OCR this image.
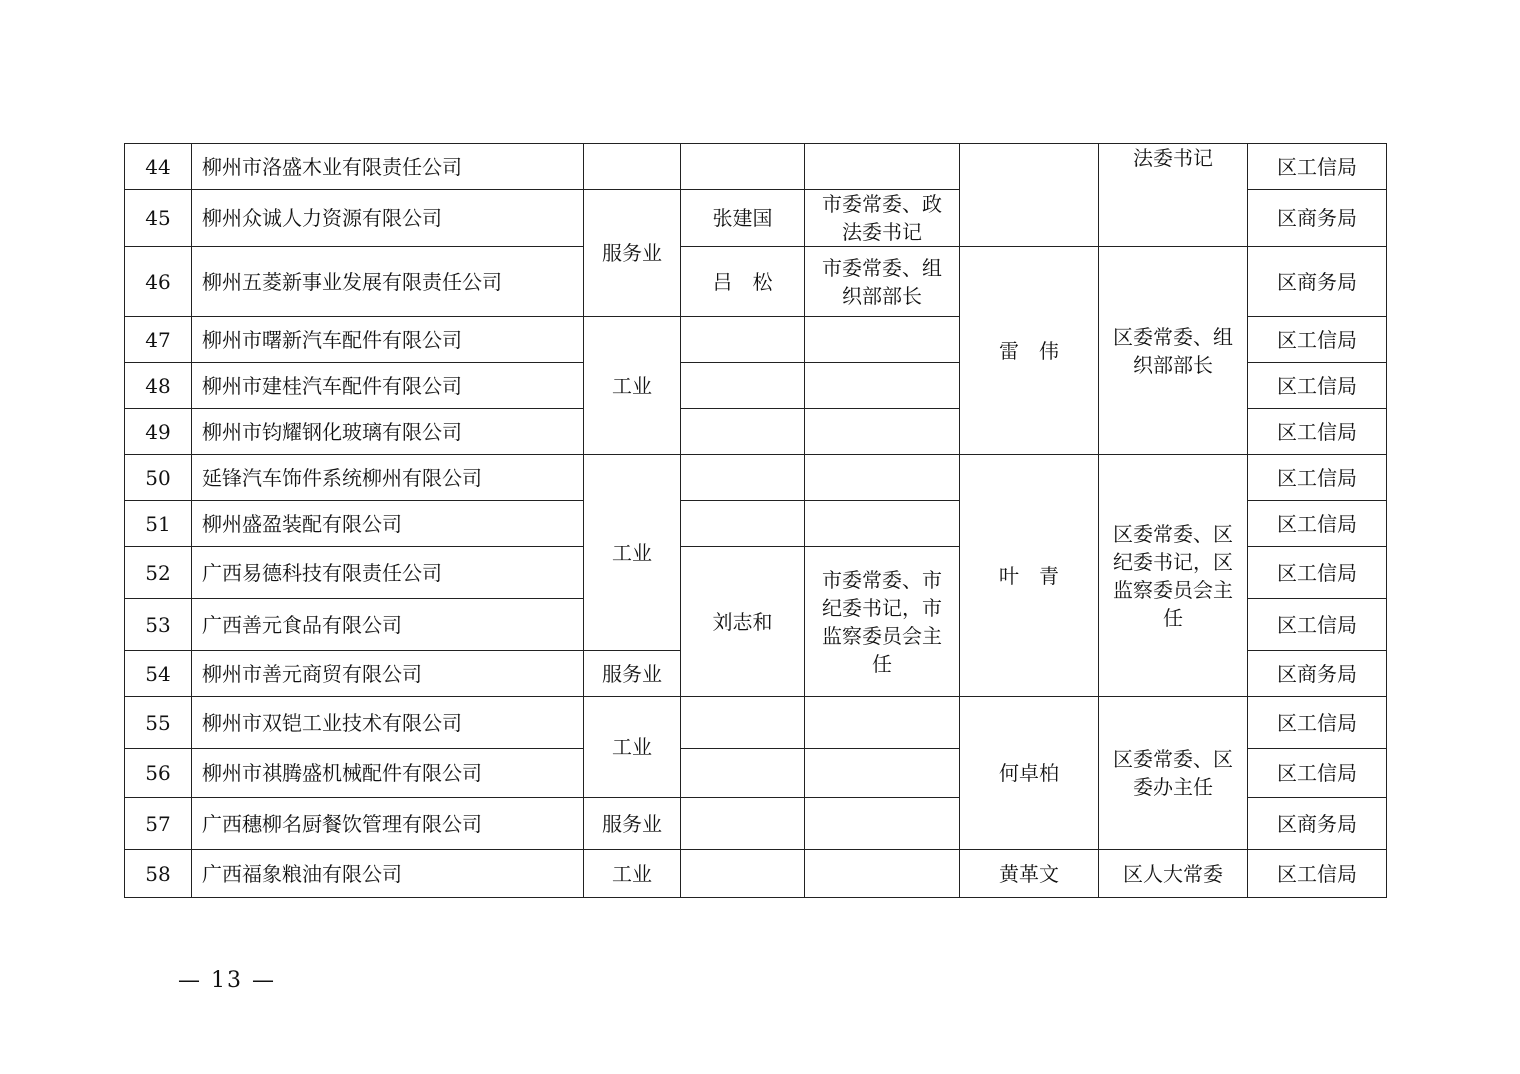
44	柳州市洛盛木业有限责任公司					法委书记	区工信局
45	柳州众诚人力资源有限公司	服务业	张建国	市委常委、政法委书记			区商务局
46	柳州五菱新事业发展有限责任公司		吕　松	市委常委、组织部部长	雷　伟	区委常委、组织部部长	区商务局
47	柳州市曙新汽车配件有限公司	工业					区工信局
48	柳州市建桂汽车配件有限公司						区工信局
49	柳州市钧耀钢化玻璃有限公司						区工信局
50	延锋汽车饰件系统柳州有限公司	工业			叶　青	区委常委、区纪委书记，区监察委员会主任	区工信局
51	柳州盛盈装配有限公司						区工信局
52	广西易德科技有限责任公司		刘志和	市委常委、市纪委书记，市监察委员会主任			区工信局
53	广西善元食品有限公司						区工信局
54	柳州市善元商贸有限公司	服务业					区商务局
55	柳州市双铠工业技术有限公司	工业			何卓柏	区委常委、区委办主任	区工信局
56	柳州市祺腾盛机械配件有限公司						区工信局
57	广西穗柳名厨餐饮管理有限公司	服务业					区商务局
58	广西福象粮油有限公司	工业			黄革文	区人大常委	区工信局
— 13 —
